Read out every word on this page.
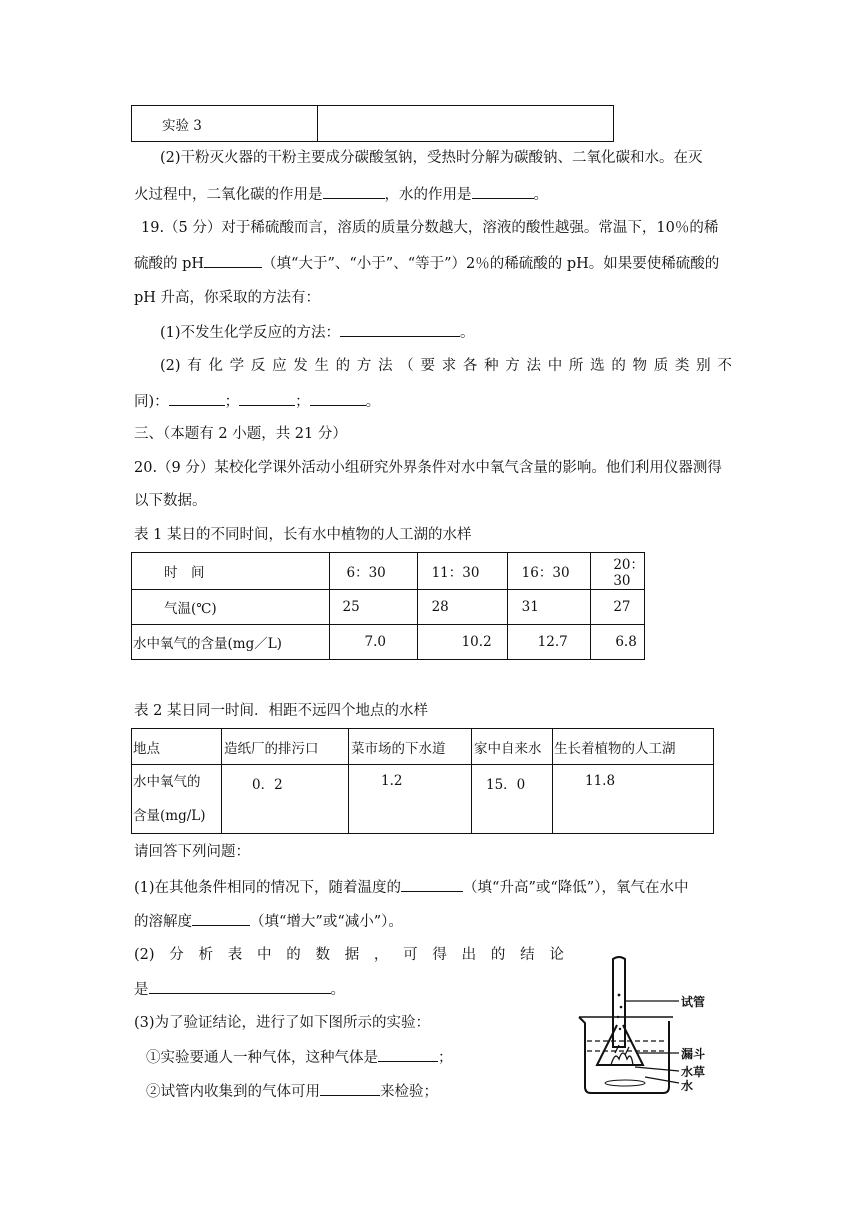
实验 3	
(2)干粉灭火器的干粉主要成分碳酸氢钠，受热时分解为碳酸钠、二氧化碳和水。在灭
火过程中，二氧化碳的作用是	，水的作用是	。
19.（5 分）对于稀硫酸而言，溶质的质量分数越大，溶液的酸性越强。常温下，10％的稀
硫酸的 pH	（填“大于”、“小于”、“等于”）2％的稀硫酸的 pH。如果要使稀硫酸的
pH 升高，你采取的方法有：
(1)不发生化学反应的方法：	。
(2) 有 化 学 反 应 发 生 的 方 法 （ 要 求 各 种 方 法 中 所 选 的 物 质 类 别 不
同)：	；	；	。
三、（本题有 2 小题，共 21 分）
20.（9 分）某校化学课外活动小组研究外界条件对水中氧气含量的影响。他们利用仪器测得
以下数据。
表 1 某日的不同时间，长有水中植物的人工湖的水样
时　间	6：30	11：30	16：30	20：30
气温(℃)	25	28	31	27
水中氧气的含量(mg／L)	7.0	10.2	12.7	6.8
表 2 某日同一时间．相距不远四个地点的水样
地点	造纸厂的排污口	菜市场的下水道	家中自来水	生长着植物的人工湖

水中氧气的
含量(mg/L)	0．2	1.2	15．0	11.8
请回答下列问题：
(1)在其他条件相同的情况下，随着温度的	（填“升高”或“降低”），氧气在水中
的溶解度	（填“增大”或“减小”）。
(2) 分 析 表 中 的 数 据 ， 可 得 出 的 结 论
是	。
(3)为了验证结论，进行了如下图所示的实验：
①实验要通人一种气体，这种气体是	；
②试管内收集到的气体可用	来检验；
试管
漏斗
水草
水
